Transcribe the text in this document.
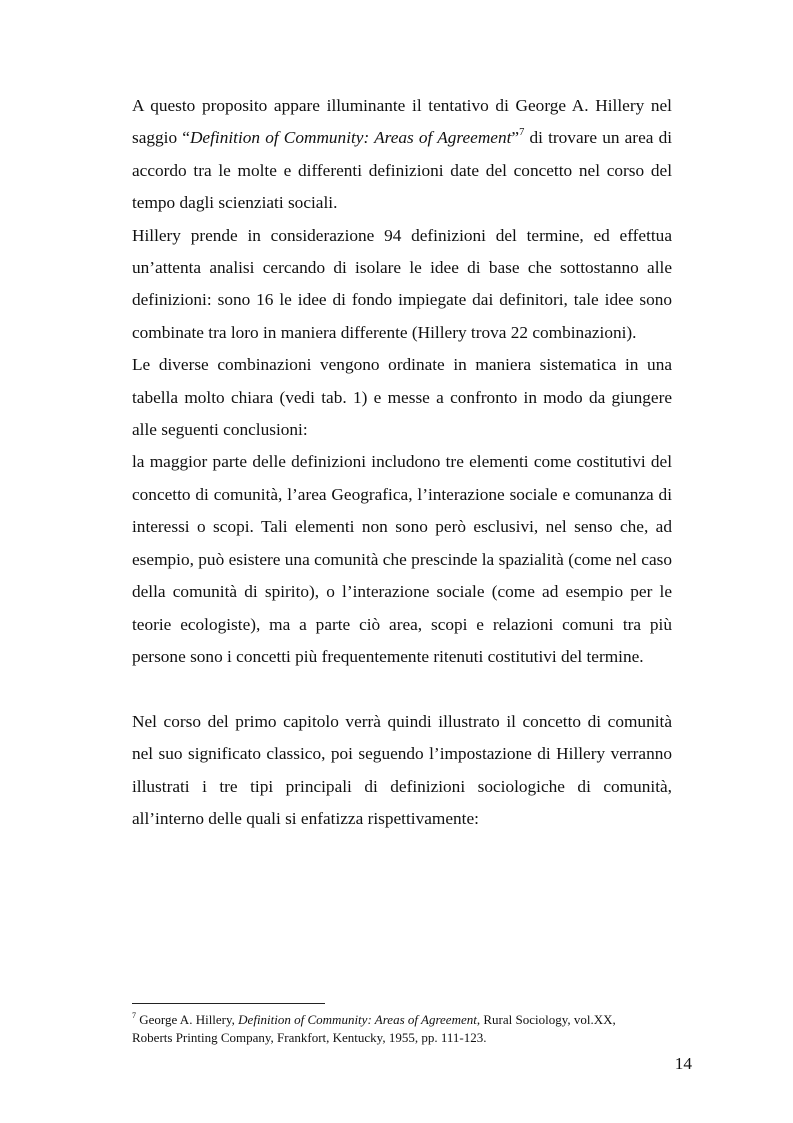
A questo proposito appare illuminante il tentativo di George A. Hillery nel saggio “Definition of Community: Areas of Agreement”$^7$ di trovare un area di accordo tra le molte e differenti definizioni date del concetto nel corso del tempo dagli scienziati sociali.

Hillery prende in considerazione 94 definizioni del termine, ed effettua un’attenta analisi cercando di isolare le idee di base che sottostanno alle definizioni: sono 16 le idee di fondo impiegate dai definitori, tale idee sono combinate tra loro in maniera differente (Hillery trova 22 combinazioni).

Le diverse combinazioni vengono ordinate in maniera sistematica in una tabella molto chiara (vedi tab. 1) e messe a confronto in modo da giungere alle seguenti conclusioni:

la maggior parte delle definizioni includono tre elementi come costitutivi del concetto di comunità, l’area Geografica, l’interazione sociale e comunanza di interessi o scopi. Tali elementi non sono però esclusivi, nel senso che, ad esempio, può esistere una comunità che prescinde la spazialità (come nel caso della comunità di spirito), o l’interazione sociale (come ad esempio per le teorie ecologiste), ma a parte ciò area, scopi e relazioni comuni tra più persone sono i concetti più frequentemente ritenuti costitutivi del termine.

Nel corso del primo capitolo verrà quindi illustrato il concetto di comunità nel suo significato classico, poi seguendo l’impostazione di Hillery verranno illustrati i tre tipi principali di definizioni sociologiche di comunità, all’interno delle quali si enfatizza rispettivamente:

$^7$ George A. Hillery, Definition of Community: Areas of Agreement, Rural Sociology, vol.XX, Roberts Printing Company, Frankfort, Kentucky, 1955, pp. 111-123.
14
